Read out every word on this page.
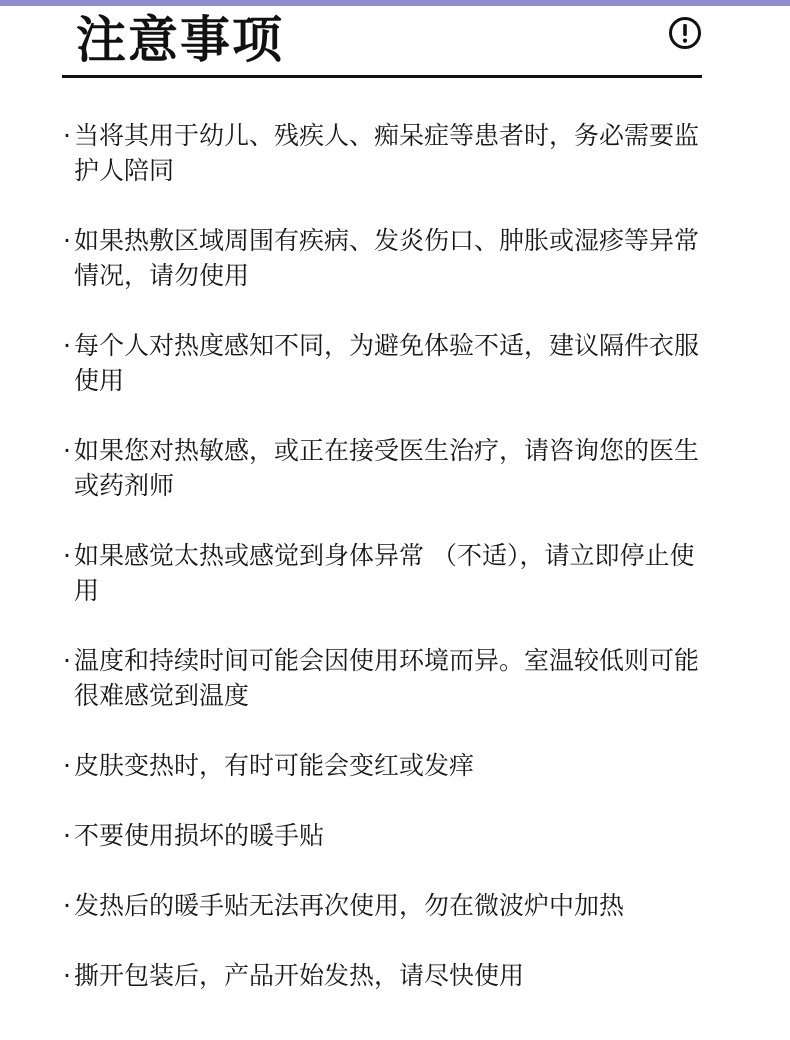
注意事项
· 当将其用于幼儿、残疾人、痴呆症等患者时，务必需要监护人陪同
· 如果热敷区域周围有疾病、发炎伤口、肿胀或湿疹等异常情况，请勿使用
· 每个人对热度感知不同，为避免体验不适，建议隔件衣服使用
· 如果您对热敏感，或正在接受医生治疗，请咨询您的医生或药剂师
· 如果感觉太热或感觉到身体异常 （不适），请立即停止使用
· 温度和持续时间可能会因使用环境而异。室温较低则可能很难感觉到温度
· 皮肤变热时，有时可能会变红或发痒
· 不要使用损坏的暖手贴
· 发热后的暖手贴无法再次使用，勿在微波炉中加热
· 撕开包装后，产品开始发热，请尽快使用
